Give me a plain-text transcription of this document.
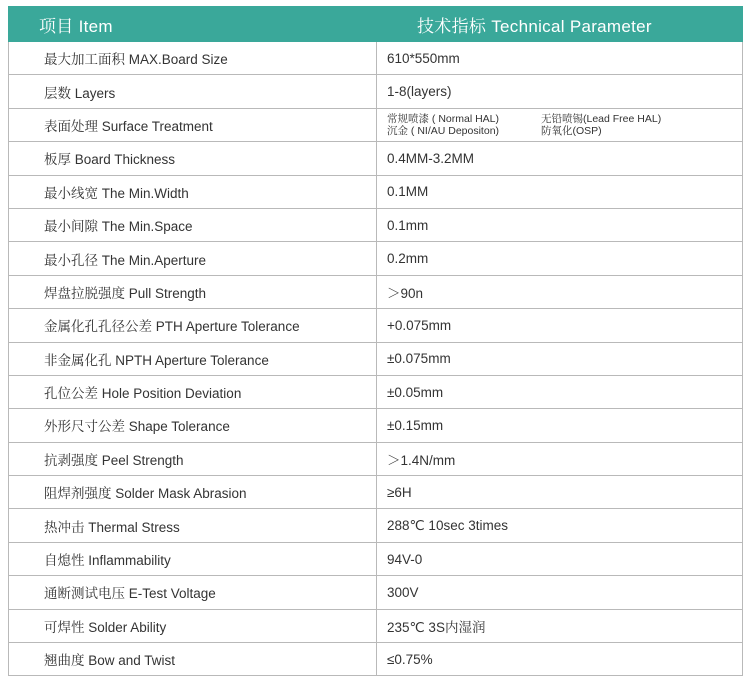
项目 Item	技术指标 Technical Parameter
最大加工面积 MAX.Board Size	610*550mm
层数 Layers	1-8(layers)
表面处理 Surface Treatment	常规喷漆 ( Normal HAL)
沉金 ( NI/AU Depositon)
无铅喷锡(Lead Free HAL)
防氧化(OSP)

板厚 Board Thickness	0.4MM-3.2MM
最小线宽 The Min.Width	0.1MM
最小间隙 The Min.Space	0.1mm
最小孔径 The Min.Aperture	0.2mm
焊盘拉脱强度 Pull Strength	＞90n
金属化孔孔径公差 PTH Aperture Tolerance	+0.075mm
非金属化孔 NPTH Aperture Tolerance	±0.075mm
孔位公差 Hole Position Deviation	±0.05mm
外形尺寸公差 Shape Tolerance	±0.15mm
抗剥强度 Peel Strength	＞1.4N/mm
阻焊剂强度 Solder Mask Abrasion	≥6H
热冲击 Thermal Stress	288℃ 10sec 3times
自熄性 Inflammability	94V-0
通断测试电压 E-Test Voltage	300V
可焊性 Solder Ability	235℃ 3S内湿润
翘曲度 Bow and Twist	≤0.75%
